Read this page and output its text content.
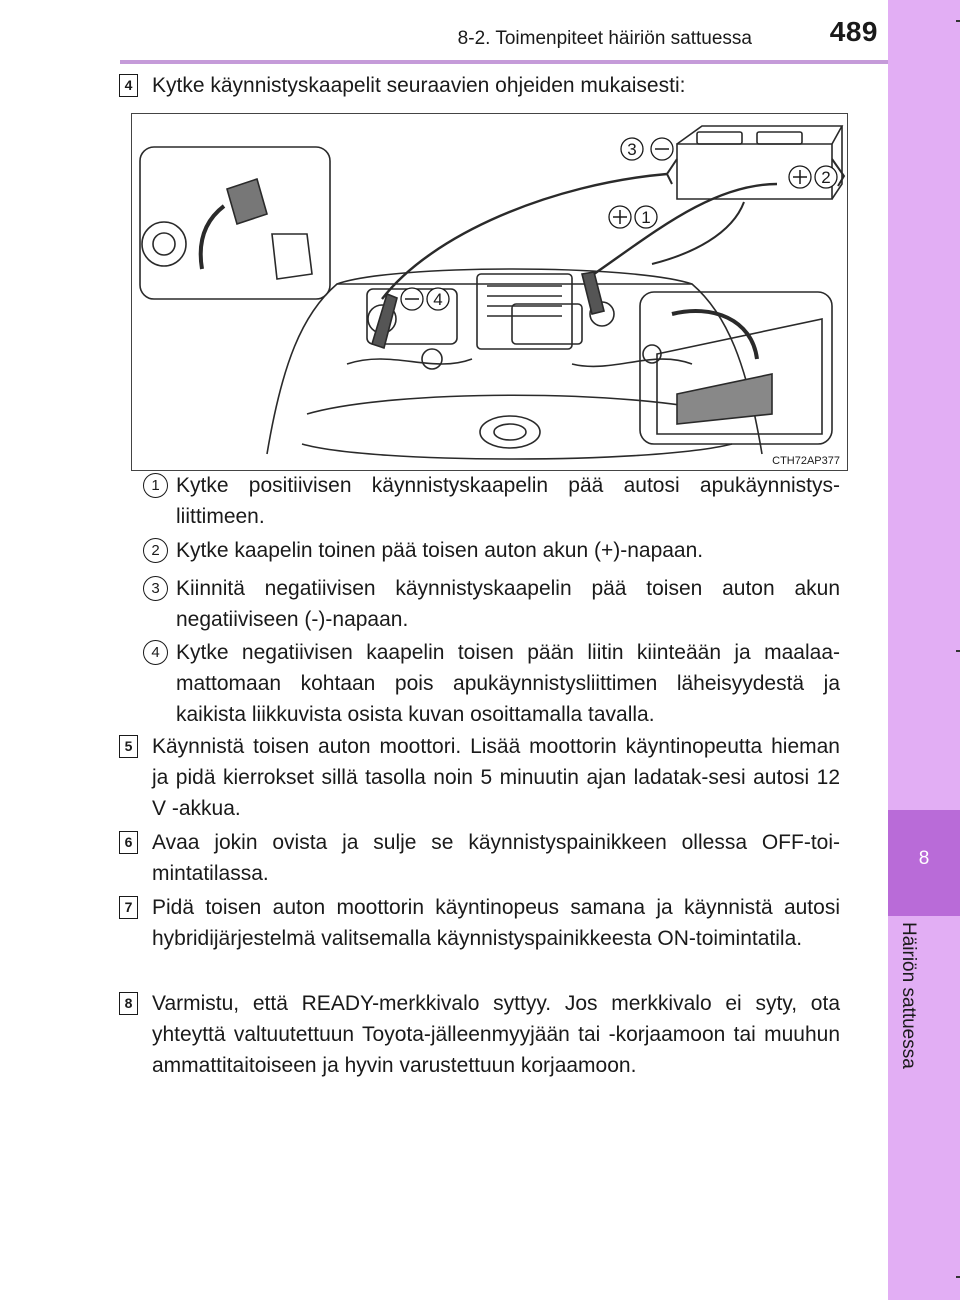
8-2. Toimenpiteet häiriön sattuessa	489
8
Häiriön sattuessa
4 Kytke käynnistyskaapelit seuraavien ohjeiden mukaisesti:
3
2
1
4
CTH72AP377
1 Kytke positiivisen käynnistyskaapelin pää autosi apukäynnistys-liittimeen.
2 Kytke kaapelin toinen pää toisen auton akun (+)-napaan.
3 Kiinnitä negatiivisen käynnistyskaapelin pää toisen auton akun negatiiviseen (-)-napaan.
4 Kytke negatiivisen kaapelin toisen pään liitin kiinteään ja maalaa-mattomaan kohtaan pois apukäynnistysliittimen läheisyydestä ja kaikista liikkuvista osista kuvan osoittamalla tavalla.
5 Käynnistä toisen auton moottori. Lisää moottorin käyntinopeutta hieman ja pidä kierrokset sillä tasolla noin 5 minuutin ajan ladatak-sesi autosi 12 V -akkua.
6 Avaa jokin ovista ja sulje se käynnistyspainikkeen ollessa OFF-toi-mintatilassa.
7 Pidä toisen auton moottorin käyntinopeus samana ja käynnistä autosi hybridijärjestelmä valitsemalla käynnistyspainikkeesta ON-toimintatila.
8 Varmistu, että READY-merkkivalo syttyy. Jos merkkivalo ei syty, ota yhteyttä valtuutettuun Toyota-jälleenmyyjään tai -korjaamoon tai muuhun ammattitaitoiseen ja hyvin varustettuun korjaamoon.
